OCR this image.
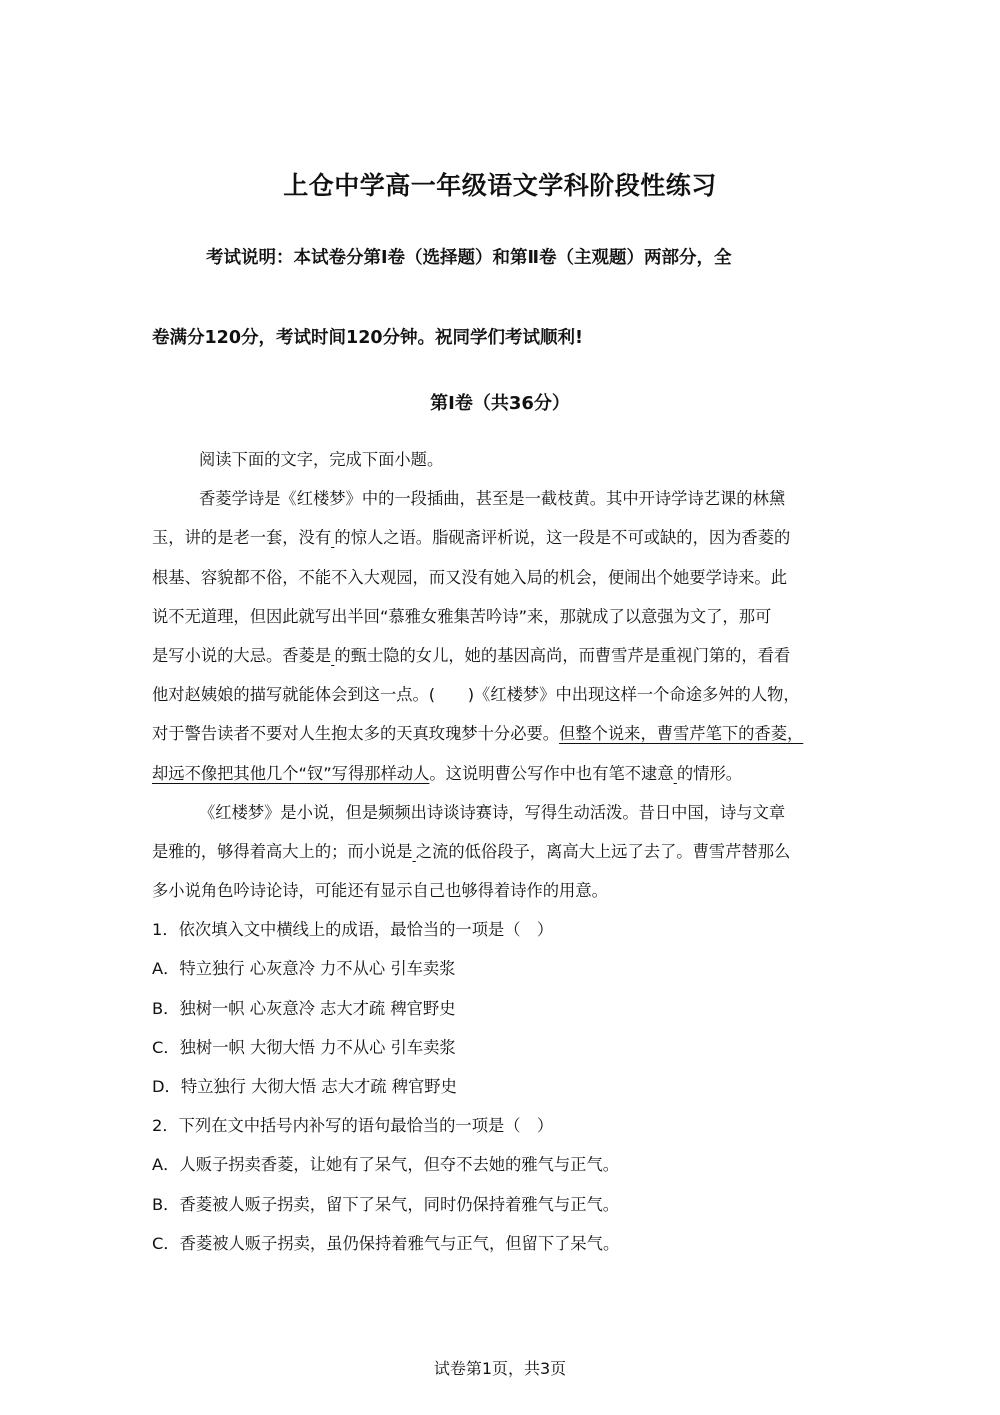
上仓中学高一年级语文学科阶段性练习
考试说明：本试卷分第Ⅰ卷（选择题）和第Ⅱ卷（主观题）两部分，全
卷满分120分，考试时间120分钟。祝同学们考试顺利!
第Ⅰ卷（共36分）
阅读下面的文字，完成下面小题。
香菱学诗是《红楼梦》中的一段插曲，甚至是一截枝黄。其中开诗学诗艺课的林黛
玉，讲的是老一套，没有  的惊人之语。脂砚斋评析说，这一段是不可或缺的，因为香菱的
根基、容貌都不俗，不能不入大观园，而又没有她入局的机会，便闹出个她要学诗来。此
说不无道理，但因此就写出半回“慕雅女雅集苦吟诗”来，那就成了以意强为文了，那可
是写小说的大忌。香菱是  的甄士隐的女儿，她的基因高尚，而曹雪芹是重视门第的，看看
他对赵姨娘的描写就能体会到这一点。(　　)《红楼梦》中出现这样一个命途多舛的人物，
对于警告读者不要对人生抱太多的天真玫瑰梦十分必要。但整个说来，曹雪芹笔下的香菱，
却远不像把其他几个“钗”写得那样动人。这说明曹公写作中也有笔不逮意  的情形。
《红楼梦》是小说，但是频频出诗谈诗赛诗，写得生动活泼。昔日中国，诗与文章
是雅的，够得着高大上的；而小说是  之流的低俗段子，离高大上远了去了。曹雪芹替那么
多小说角色吟诗论诗，可能还有显示自己也够得着诗作的用意。
1．依次填入文中横线上的成语，最恰当的一项是（　）
A．特立独行 心灰意冷 力不从心 引车卖浆
B．独树一帜 心灰意冷 志大才疏 稗官野史
C．独树一帜 大彻大悟 力不从心 引车卖浆
D．特立独行 大彻大悟 志大才疏 稗官野史
2．下列在文中括号内补写的语句最恰当的一项是（　）
A．人贩子拐卖香菱，让她有了呆气，但夺不去她的雅气与正气。
B．香菱被人贩子拐卖，留下了呆气，同时仍保持着雅气与正气。
C．香菱被人贩子拐卖，虽仍保持着雅气与正气，但留下了呆气。
试卷第1页，共3页
